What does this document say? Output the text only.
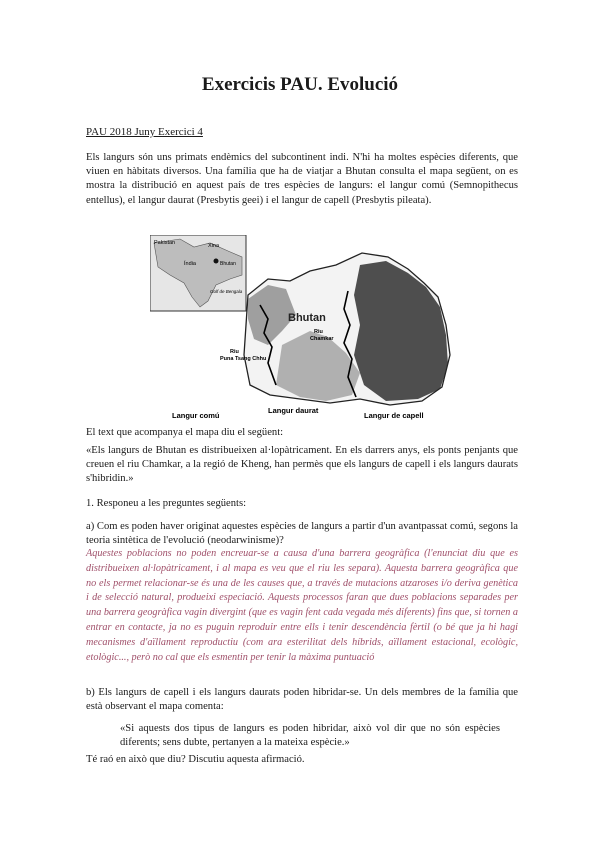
Exercicis PAU. Evolució
PAU 2018 Juny Exercici 4
Els langurs són uns primats endèmics del subcontinent indi. N'hi ha moltes espècies diferents, que viuen en hàbitats diversos. Una família que ha de viatjar a Bhutan consulta el mapa següent, on es mostra la distribució en aquest país de tres espècies de langurs: el langur comú (Semnopithecus entellus), el langur daurat (Presbytis geei) i el langur de capell (Presbytis pileata).
Pakistan	Xina
Bhutan
Índia
Golf de Bengala
Bhutan
Riu
Puna Tsang Chhu
Riu
Chamkar
Langur comú
Langur daurat
Langur de capell
El text que acompanya el mapa diu el següent:
«Els langurs de Bhutan es distribueixen al·lopàtricament. En els darrers anys, els ponts penjants que creuen el riu Chamkar, a la regió de Kheng, han permès que els langurs de capell i els langurs daurats s'hibridin.»
1. Responeu a les preguntes següents:
a) Com es poden haver originat aquestes espècies de langurs a partir d'un avantpassat comú, segons la teoria sintètica de l'evolució (neodarwinisme)?
Aquestes poblacions no poden encreuar-se a causa d'una barrera geogràfica (l'enunciat diu que es distribueixen al·lopàtricament, i al mapa es veu que el riu les separa). Aquesta barrera geogràfica que no els permet relacionar-se és una de les causes que, a través de mutacions atzaroses i/o deriva genètica i de selecció natural, produeixi especiació. Aquests processos faran que dues poblacions separades per una barrera geogràfica vagin divergint (que es vagin fent cada vegada més diferents) fins que, si tornen a entrar en contacte, ja no es puguin reproduir entre ells i tenir descendència fèrtil (o bé que ja hi hagi mecanismes d'aïllament reproductiu (com ara esterilitat dels híbrids, aïllament estacional, ecològic, etològic..., però no cal que els esmentin per tenir la màxima puntuació
b) Els langurs de capell i els langurs daurats poden hibridar-se. Un dels membres de la família que està observant el mapa comenta:
«Si aquests dos tipus de langurs es poden hibridar, això vol dir que no són espècies diferents; sens dubte, pertanyen a la mateixa espècie.»
Té raó en això que diu? Discutiu aquesta afirmació.
